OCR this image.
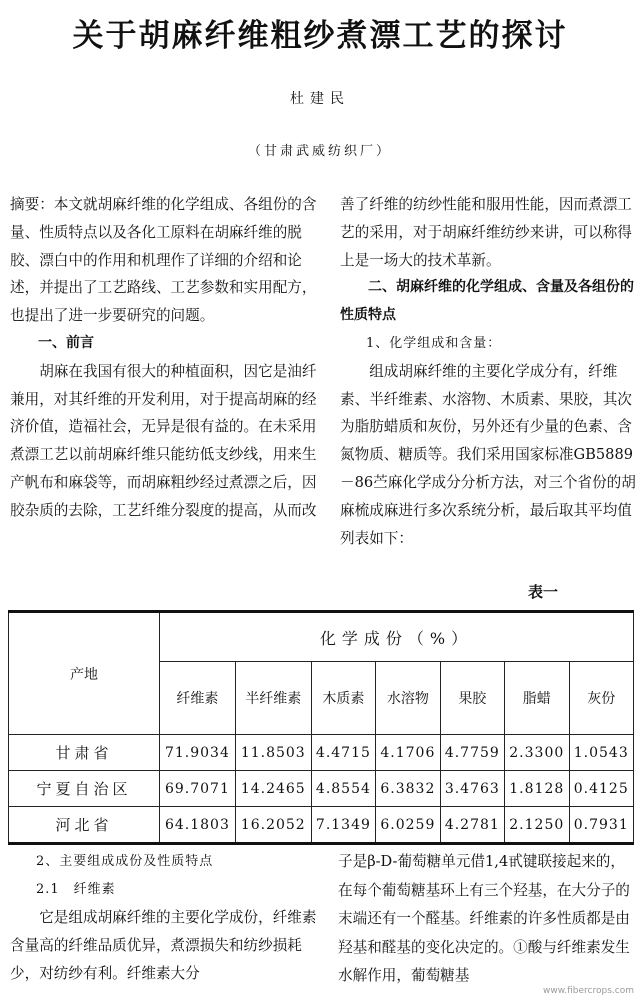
关于胡麻纤维粗纱煮漂工艺的探讨
杜建民
（甘肃武威纺织厂）

摘要：本文就胡麻纤维的化学组成、各组份的含量、性质特点以及各化工原料在胡麻纤维的脱胶、漂白中的作用和机理作了详细的介绍和论述，并提出了工艺路线、工艺参数和实用配方，也提出了进一步要研究的问题。

一、前言

胡麻在我国有很大的种植面积，因它是油纤兼用，对其纤维的开发利用，对于提高胡麻的经济价值，造福社会，无异是很有益的。在未采用煮漂工艺以前胡麻纤维只能纺低支纱线，用来生产帆布和麻袋等，而胡麻粗纱经过煮漂之后，因胶杂质的去除，工艺纤维分裂度的提高，从而改

善了纤维的纺纱性能和服用性能，因而煮漂工艺的采用，对于胡麻纤维纺纱来讲，可以称得上是一场大的技术革新。

二、胡麻纤维的化学组成、含量及各组份的性质特点

1、化学组成和含量：

组成胡麻纤维的主要化学成分有，纤维素、半纤维素、水溶物、木质素、果胶，其次为脂肪蜡质和灰份，另外还有少量的色素、含氮物质、糖质等。我们采用国家标准GB5889－86苎麻化学成分分析方法，对三个省份的胡麻梳成麻进行多次系统分析，最后取其平均值列表如下：

表一
产地	化学成份（%）						
	纤维素	半纤维素	木质素	水溶物	果胶	脂蜡	灰份
甘肃省	71.9034	11.8503	4.4715	4.1706	4.7759	2.3300	1.0543
宁夏自治区	69.7071	14.2465	4.8554	6.3832	3.4763	1.8128	0.4125
河北省	64.1803	16.2052	7.1349	6.0259	4.2781	2.1250	0.7931

2、主要组成成份及性质特点

2.1　纤维素

它是组成胡麻纤维的主要化学成份，纤维素含量高的纤维品质优异，煮漂损失和纺纱损耗少，对纺纱有利。纤维素大分

子是β-D-葡萄糖单元借1,4甙键联接起来的，在每个葡萄糖基环上有三个羟基，在大分子的末端还有一个醛基。纤维素的许多性质都是由羟基和醛基的变化决定的。①酸与纤维素发生水解作用，葡萄糖基

www.fibercrops.com
